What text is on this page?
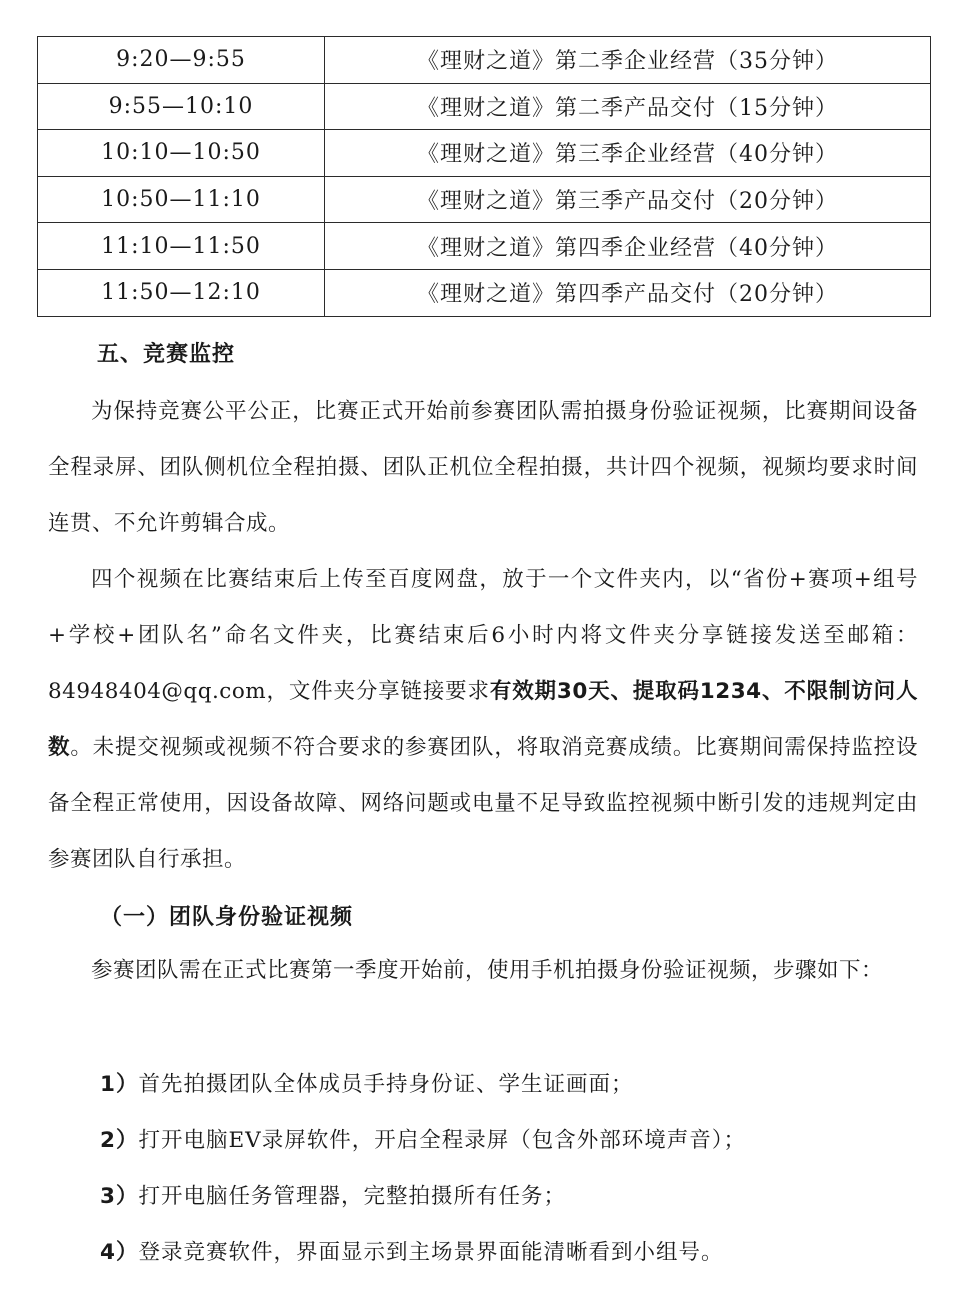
9:20—9:55	《理财之道》第二季企业经营（35分钟）
9:55—10:10	《理财之道》第二季产品交付（15分钟）
10:10—10:50	《理财之道》第三季企业经营（40分钟）
10:50—11:10	《理财之道》第三季产品交付（20分钟）
11:10—11:50	《理财之道》第四季企业经营（40分钟）
11:50—12:10	《理财之道》第四季产品交付（20分钟）
五、竞赛监控

为保持竞赛公平公正，比赛正式开始前参赛团队需拍摄身份验证视频，比赛期间设备全程录屏、团队侧机位全程拍摄、团队正机位全程拍摄，共计四个视频，视频均要求时间连贯、不允许剪辑合成。

四个视频在比赛结束后上传至百度网盘，放于一个文件夹内，以“省份+赛项+组号+学校+团队名”命名文件夹，比赛结束后6小时内将文件夹分享链接发送至邮箱：84948404@qq.com，文件夹分享链接要求有效期30天、提取码1234、不限制访问人数。未提交视频或视频不符合要求的参赛团队，将取消竞赛成绩。比赛期间需保持监控设备全程正常使用，因设备故障、网络问题或电量不足导致监控视频中断引发的违规判定由参赛团队自行承担。

（一）团队身份验证视频

参赛团队需在正式比赛第一季度开始前，使用手机拍摄身份验证视频，步骤如下：

1）首先拍摄团队全体成员手持身份证、学生证画面；
2）打开电脑EV录屏软件，开启全程录屏（包含外部环境声音）；
3）打开电脑任务管理器，完整拍摄所有任务；
4）登录竞赛软件，界面显示到主场景界面能清晰看到小组号。
